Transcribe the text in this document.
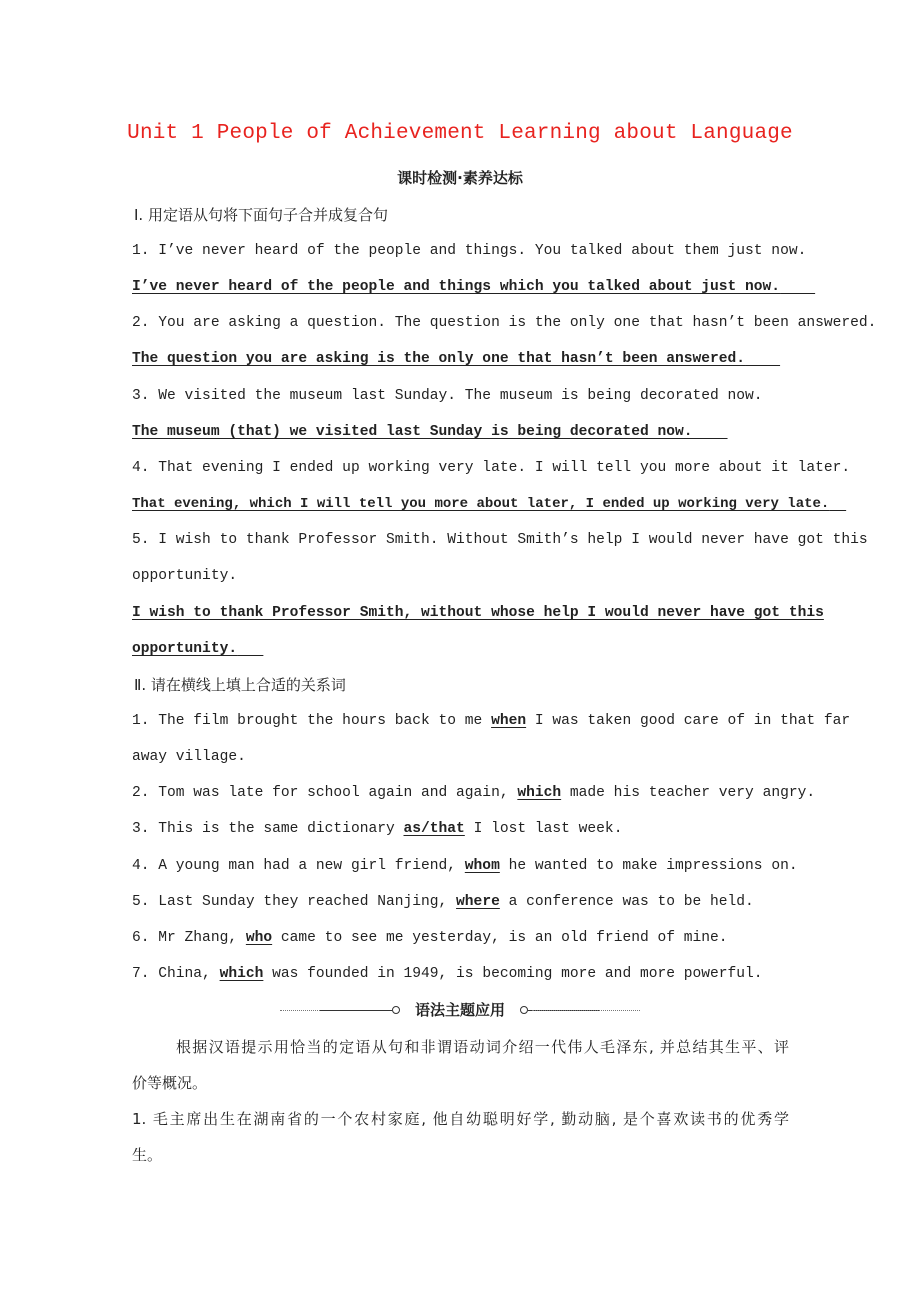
Unit 1 People of Achievement Learning about Language
课时检测·素养达标
Ⅰ. 用定语从句将下面句子合并成复合句
1. I’ve never heard of the people and things. You talked about them just now.
I’ve never heard of the people and things which you talked about just now.
2. You are asking a question. The question is the only one that hasn’t been answered.
The question you are asking is the only one that hasn’t been answered.
3. We visited the museum last Sunday. The museum is being decorated now.
The museum (that) we visited last Sunday is being decorated now.
4. That evening I ended up working very late. I will tell you more about it later.
That evening, which I will tell you more about later, I ended up working very late.
5. I wish to thank Professor Smith. Without Smith’s help I would never have got this
opportunity.
I wish to thank Professor Smith, without whose help I would never have got this
opportunity.
Ⅱ. 请在横线上填上合适的关系词
1. The film brought the hours back to me when I was taken good care of in that far
away village.
2. Tom was late for school again and again, which made his teacher very angry.
3. This is the same dictionary as/that I lost last week.
4. A young man had a new girl friend, whom he wanted to make impressions on.
5. Last Sunday they reached Nanjing, where a conference was to be held.
6. Mr Zhang, who came to see me yesterday, is an old friend of mine.
7. China, which was founded in 1949, is becoming more and more powerful.
语法主题应用
根据汉语提示用恰当的定语从句和非谓语动词介绍一代伟人毛泽东, 并总结其生平、评
价等概况。
1. 毛主席出生在湖南省的一个农村家庭, 他自幼聪明好学, 勤动脑, 是个喜欢读书的优秀学
生。
